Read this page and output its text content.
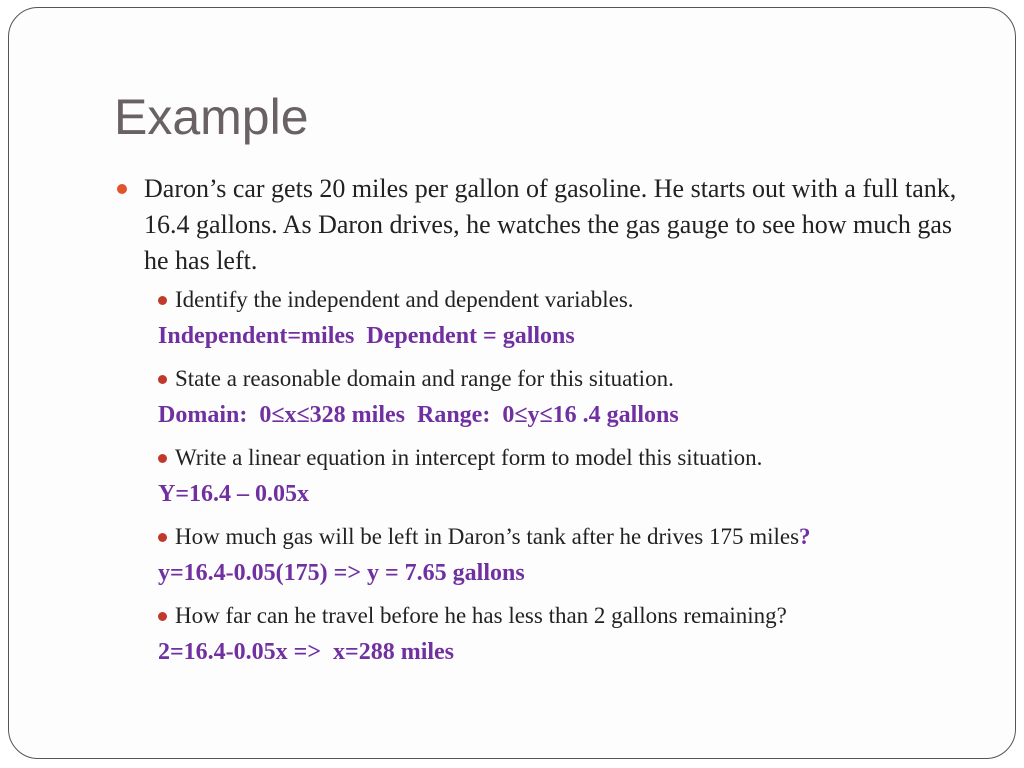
Example
Daron’s car gets 20 miles per gallon of gasoline. He starts out with a full tank, 16.4 gallons. As Daron drives, he watches the gas gauge to see how much gas he has left.
Identify the independent and dependent variables.
Independent=miles  Dependent = gallons
State a reasonable domain and range for this situation.
Domain:  0≤x≤328 miles  Range:  0≤y≤16 .4 gallons
Write a linear equation in intercept form to model this situation.
Y=16.4 – 0.05x
How much gas will be left in Daron’s tank after he drives 175 miles?
y=16.4-0.05(175) => y = 7.65 gallons
How far can he travel before he has less than 2 gallons remaining?
2=16.4-0.05x =>  x=288 miles
